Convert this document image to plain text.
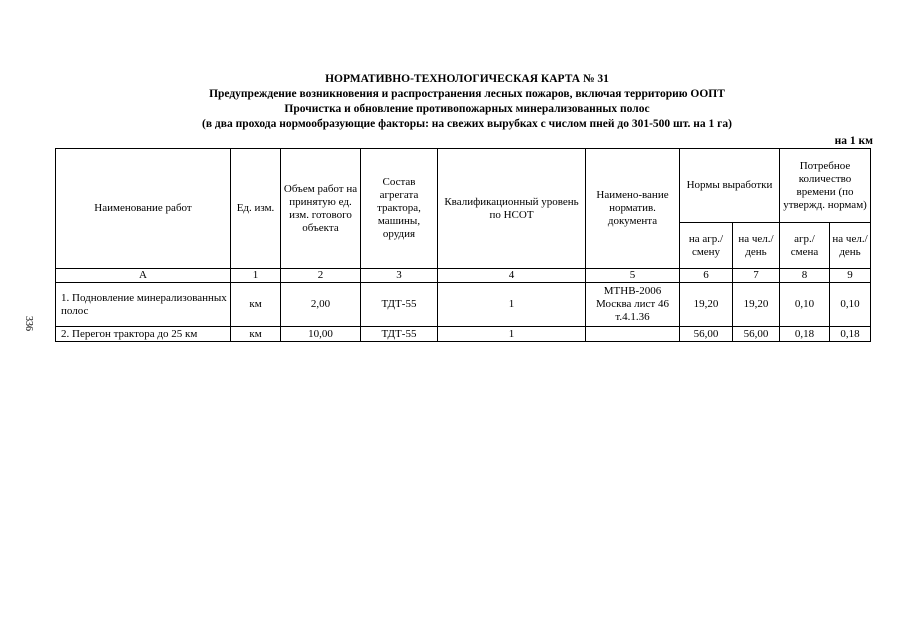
НОРМАТИВНО-ТЕХНОЛОГИЧЕСКАЯ КАРТА № 31
Предупреждение возникновения и распространения лесных пожаров, включая территорию ООПТ
Прочистка и обновление противопожарных минерализованных полос
(в два прохода нормообразующие факторы: на свежих вырубках с числом пней до 301-500 шт. на 1 га)
на 1 км
336
Наименование работ	Ед. изм.	Объем работ на принятую ед. изм. готового объекта	Состав агрегата трактора, машины, орудия	Квалификационный уровень по НСОТ	Наимено-вание норматив. документа	Нормы выработки		Потребное количество времени (по утвержд. нормам)	
						на агр./ смену	на чел./ день	агр./ смена	на чел./ день
А	1	2	3	4	5	6	7	8	9
1. Подновление минерализованных полос	км	2,00	ТДТ-55	1	МТНВ-2006 Москва лист 46 т.4.1.36	19,20	19,20	0,10	0,10
2. Перегон трактора до 25 км	км	10,00	ТДТ-55	1		56,00	56,00	0,18	0,18
